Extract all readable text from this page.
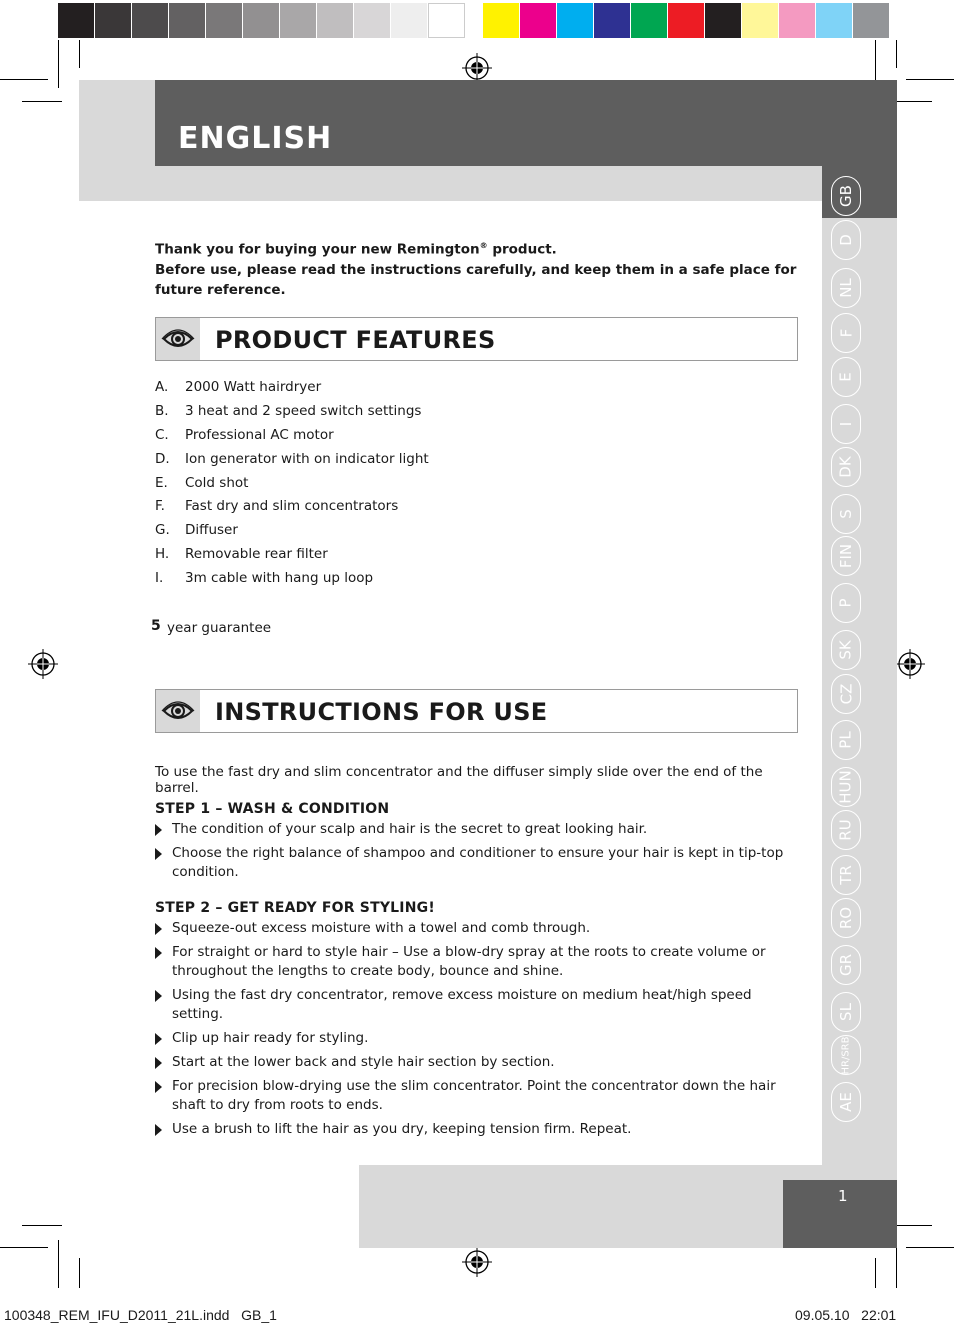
ENGLISH
GB
D
NL
F
E
I
DK
S
FIN
P
SK
CZ
PL
HUN
RU
TR
RO
GR
SL
HR/SRB
AE
Thank you for buying your new Remington® product.
Before use, please read the instructions carefully, and keep them in a safe place for future reference.
PRODUCT FEATURES
A.	2000 Watt hairdryer
B.	3 heat and 2 speed switch settings
C.	Professional AC motor
D.	Ion generator with on indicator light
E.	Cold shot
F.	Fast dry and slim concentrators
G.	Diffuser
H.	Removable rear filter
I.	3m cable with hang up loop
5 year guarantee
INSTRUCTIONS FOR USE
To use the fast dry and slim concentrator and the diffuser simply slide over the end of the barrel.
STEP 1 – WASH & CONDITION
The condition of your scalp and hair is the secret to great looking hair.
Choose the right balance of shampoo and conditioner to ensure your hair is kept in tip-top condition.
STEP 2 – GET READY FOR STYLING!
Squeeze-out excess moisture with a towel and comb through.
For straight or hard to style hair – Use a blow-dry spray at the roots to create volume or throughout the lengths to create body, bounce and shine.
Using the fast dry concentrator, remove excess moisture on medium heat/high speed setting.
Clip up hair ready for styling.
Start at the lower back and style hair section by section.
For precision blow-drying use the slim concentrator. Point the concentrator down the hair shaft to dry from roots to ends.
Use a brush to lift the hair as you dry, keeping tension firm. Repeat.
1
100348_REM_IFU_D2011_21L.indd   GB_1	09.05.10   22:01
